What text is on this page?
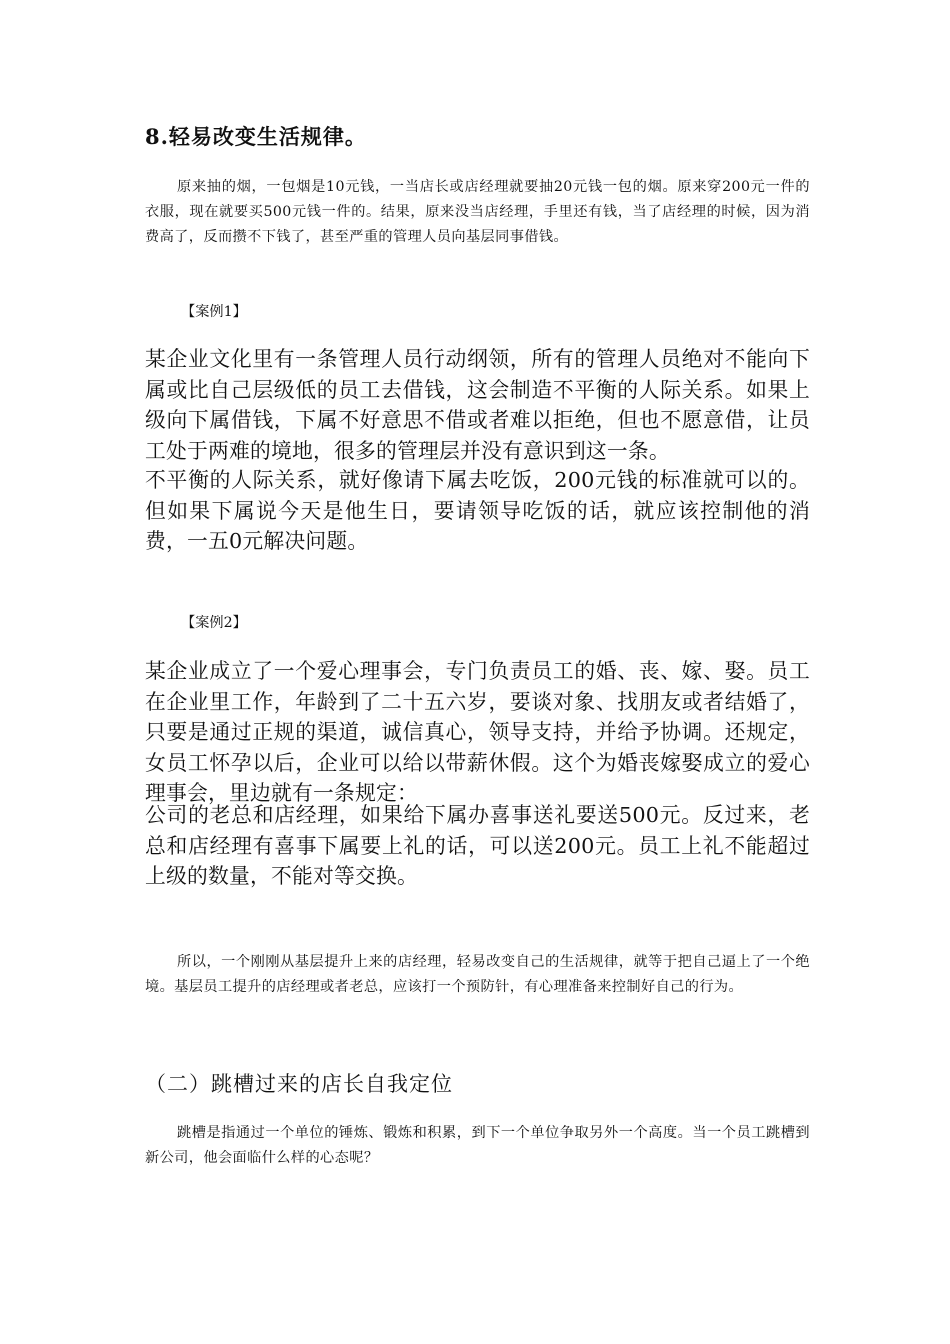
8.轻易改变生活规律。

原来抽的烟，一包烟是10元钱，一当店长或店经理就要抽20元钱一包的烟。原来穿200元一件的衣服，现在就要买500元钱一件的。结果，原来没当店经理，手里还有钱，当了店经理的时候，因为消费高了，反而攒不下钱了，甚至严重的管理人员向基层同事借钱。

【案例1】

某企业文化里有一条管理人员行动纲领，所有的管理人员绝对不能向下属或比自己层级低的员工去借钱，这会制造不平衡的人际关系。如果上级向下属借钱，下属不好意思不借或者难以拒绝，但也不愿意借，让员工处于两难的境地，很多的管理层并没有意识到这一条。

不平衡的人际关系，就好像请下属去吃饭，200元钱的标准就可以的。但如果下属说今天是他生日，要请领导吃饭的话，就应该控制他的消费，一五0元解决问题。

【案例2】

某企业成立了一个爱心理事会，专门负责员工的婚、丧、嫁、娶。员工在企业里工作，年龄到了二十五六岁，要谈对象、找朋友或者结婚了，只要是通过正规的渠道，诚信真心，领导支持，并给予协调。还规定，女员工怀孕以后，企业可以给以带薪休假。这个为婚丧嫁娶成立的爱心理事会，里边就有一条规定：

公司的老总和店经理，如果给下属办喜事送礼要送500元。反过来，老总和店经理有喜事下属要上礼的话，可以送200元。员工上礼不能超过上级的数量，不能对等交换。

所以，一个刚刚从基层提升上来的店经理，轻易改变自己的生活规律，就等于把自己逼上了一个绝境。基层员工提升的店经理或者老总，应该打一个预防针，有心理准备来控制好自己的行为。

（二）跳槽过来的店长自我定位

跳槽是指通过一个单位的锤炼、锻炼和积累，到下一个单位争取另外一个高度。当一个员工跳槽到新公司，他会面临什么样的心态呢？
